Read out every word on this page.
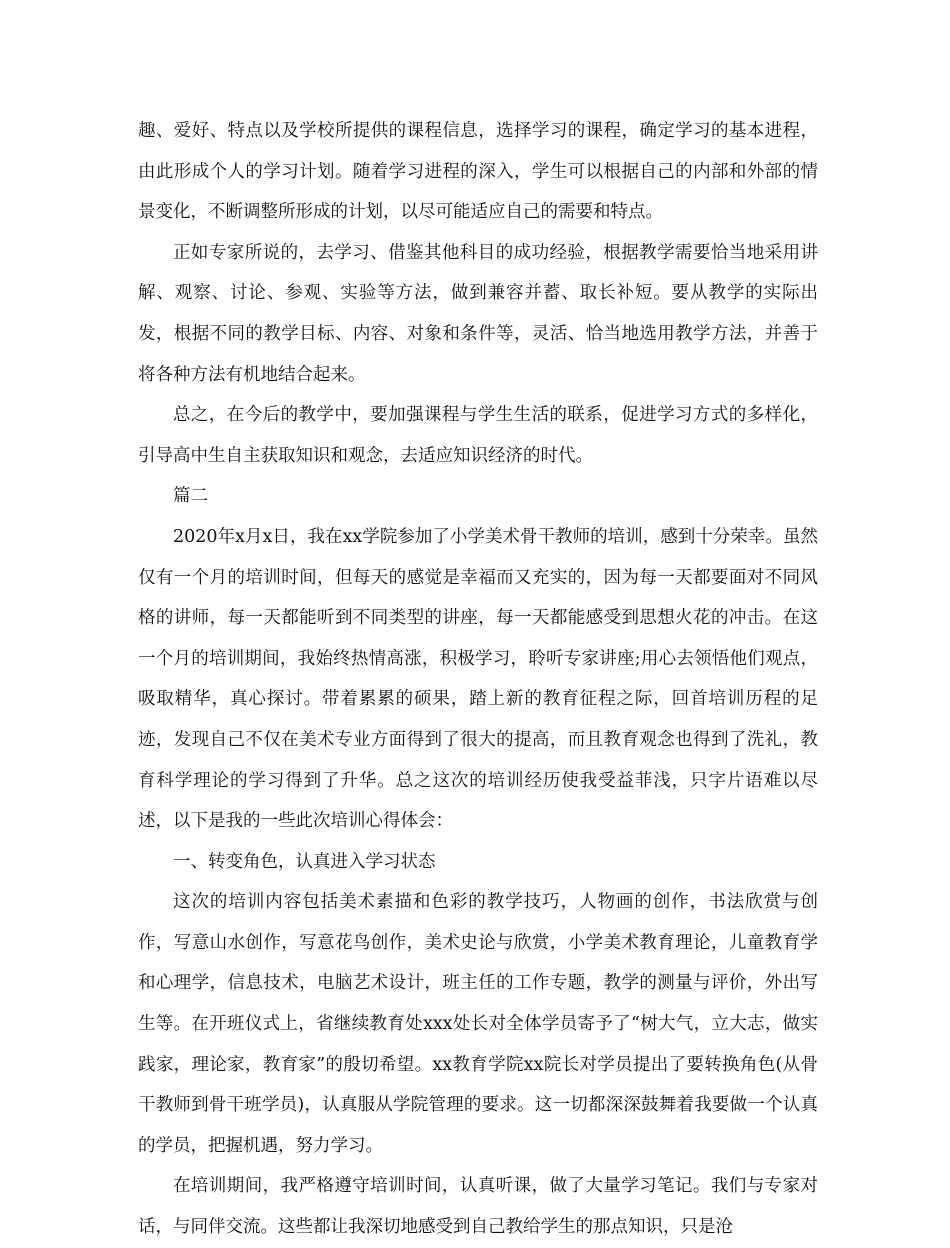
趣、爱好、特点以及学校所提供的课程信息，选择学习的课程，确定学习的基本进程，由此形成个人的学习计划。随着学习进程的深入，学生可以根据自己的内部和外部的情景变化，不断调整所形成的计划，以尽可能适应自己的需要和特点。

正如专家所说的，去学习、借鉴其他科目的成功经验，根据教学需要恰当地采用讲解、观察、讨论、参观、实验等方法，做到兼容并蓄、取长补短。要从教学的实际出发，根据不同的教学目标、内容、对象和条件等，灵活、恰当地选用教学方法，并善于将各种方法有机地结合起来。

总之，在今后的教学中，要加强课程与学生生活的联系，促进学习方式的多样化，引导高中生自主获取知识和观念，去适应知识经济的时代。

篇二

2020年x月x日，我在xx学院参加了小学美术骨干教师的培训，感到十分荣幸。虽然仅有一个月的培训时间，但每天的感觉是幸福而又充实的，因为每一天都要面对不同风格的讲师，每一天都能听到不同类型的讲座，每一天都能感受到思想火花的冲击。在这一个月的培训期间，我始终热情高涨，积极学习，聆听专家讲座;用心去领悟他们观点，吸取精华，真心探讨。带着累累的硕果，踏上新的教育征程之际，回首培训历程的足迹，发现自己不仅在美术专业方面得到了很大的提高，而且教育观念也得到了洗礼，教育科学理论的学习得到了升华。总之这次的培训经历使我受益菲浅，只字片语难以尽述，以下是我的一些此次培训心得体会：

一、转变角色，认真进入学习状态

这次的培训内容包括美术素描和色彩的教学技巧，人物画的创作，书法欣赏与创作，写意山水创作，写意花鸟创作，美术史论与欣赏，小学美术教育理论，儿童教育学和心理学，信息技术，电脑艺术设计，班主任的工作专题，教学的测量与评价，外出写生等。在开班仪式上，省继续教育处xxx处长对全体学员寄予了“树大气，立大志，做实践家，理论家，教育家”的殷切希望。xx教育学院xx院长对学员提出了要转换角色(从骨干教师到骨干班学员)，认真服从学院管理的要求。这一切都深深鼓舞着我要做一个认真的学员，把握机遇，努力学习。

在培训期间，我严格遵守培训时间，认真听课，做了大量学习笔记。我们与专家对话，与同伴交流。这些都让我深切地感受到自己教给学生的那点知识，只是沧
